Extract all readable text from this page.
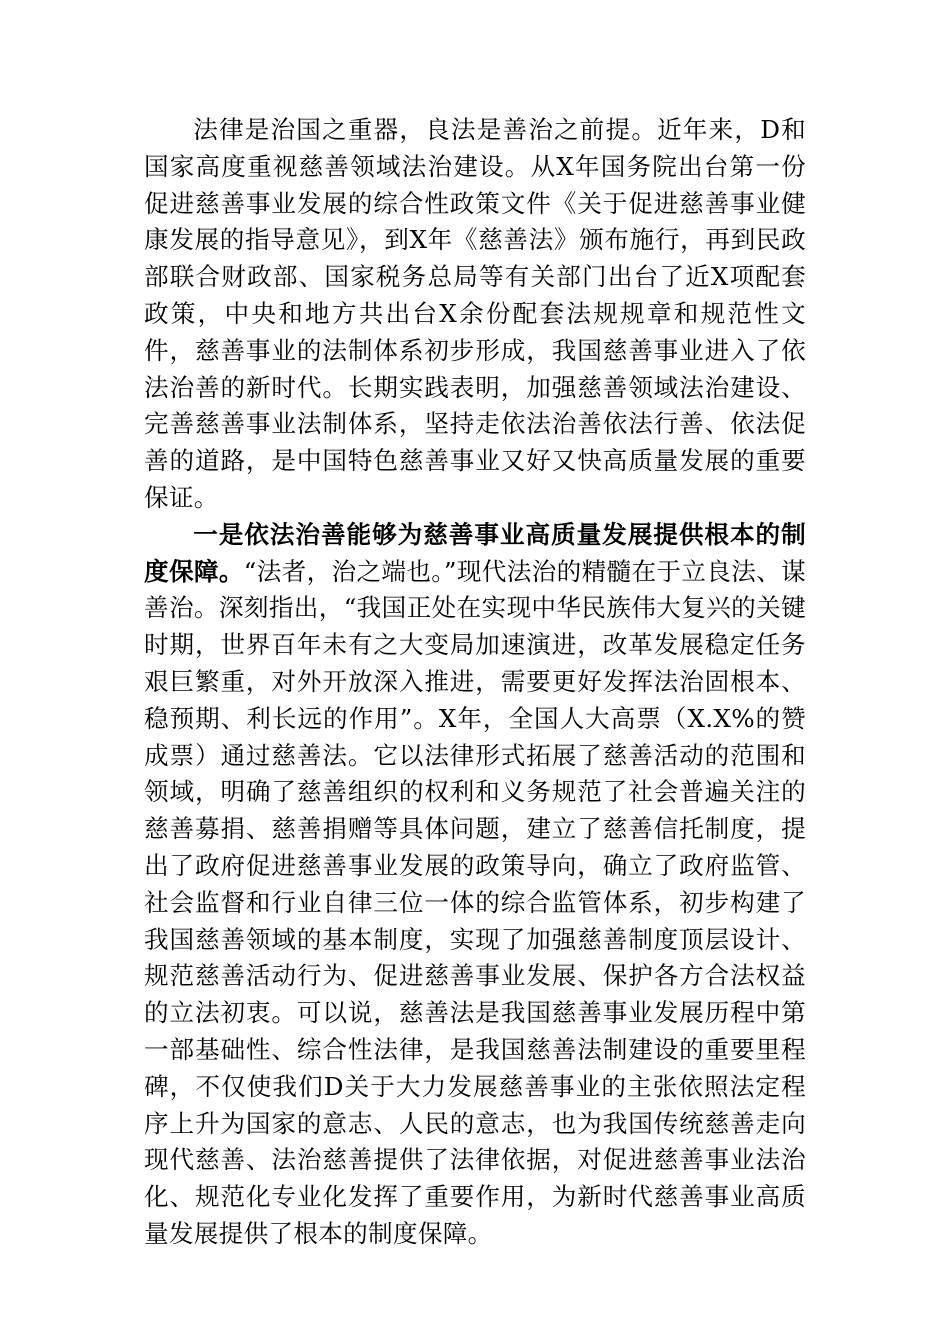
法律是治国之重器，良法是善治之前提。近年来，D和国家高度重视慈善领域法治建设。从X年国务院出台第一份促进慈善事业发展的综合性政策文件《关于促进慈善事业健康发展的指导意见》，到X年《慈善法》颁布施行，再到民政部联合财政部、国家税务总局等有关部门出台了近X项配套政策，中央和地方共出台X余份配套法规规章和规范性文件，慈善事业的法制体系初步形成，我国慈善事业进入了依法治善的新时代。长期实践表明，加强慈善领域法治建设、完善慈善事业法制体系，坚持走依法治善依法行善、依法促善的道路，是中国特色慈善事业又好又快高质量发展的重要保证。

一是依法治善能够为慈善事业高质量发展提供根本的制度保障。“法者，治之端也。”现代法治的精髓在于立良法、谋善治。深刻指出，“我国正处在实现中华民族伟大复兴的关键时期，世界百年未有之大变局加速演进，改革发展稳定任务艰巨繁重，对外开放深入推进，需要更好发挥法治固根本、稳预期、利长远的作用”。X年，全国人大高票（X.X%的赞成票）通过慈善法。它以法律形式拓展了慈善活动的范围和领域，明确了慈善组织的权利和义务规范了社会普遍关注的慈善募捐、慈善捐赠等具体问题，建立了慈善信托制度，提出了政府促进慈善事业发展的政策导向，确立了政府监管、社会监督和行业自律三位一体的综合监管体系，初步构建了我国慈善领域的基本制度，实现了加强慈善制度顶层设计、规范慈善活动行为、促进慈善事业发展、保护各方合法权益的立法初衷。可以说，慈善法是我国慈善事业发展历程中第一部基础性、综合性法律，是我国慈善法制建设的重要里程碑，不仅使我们D关于大力发展慈善事业的主张依照法定程序上升为国家的意志、人民的意志，也为我国传统慈善走向现代慈善、法治慈善提供了法律依据，对促进慈善事业法治化、规范化专业化发挥了重要作用，为新时代慈善事业高质量发展提供了根本的制度保障。
